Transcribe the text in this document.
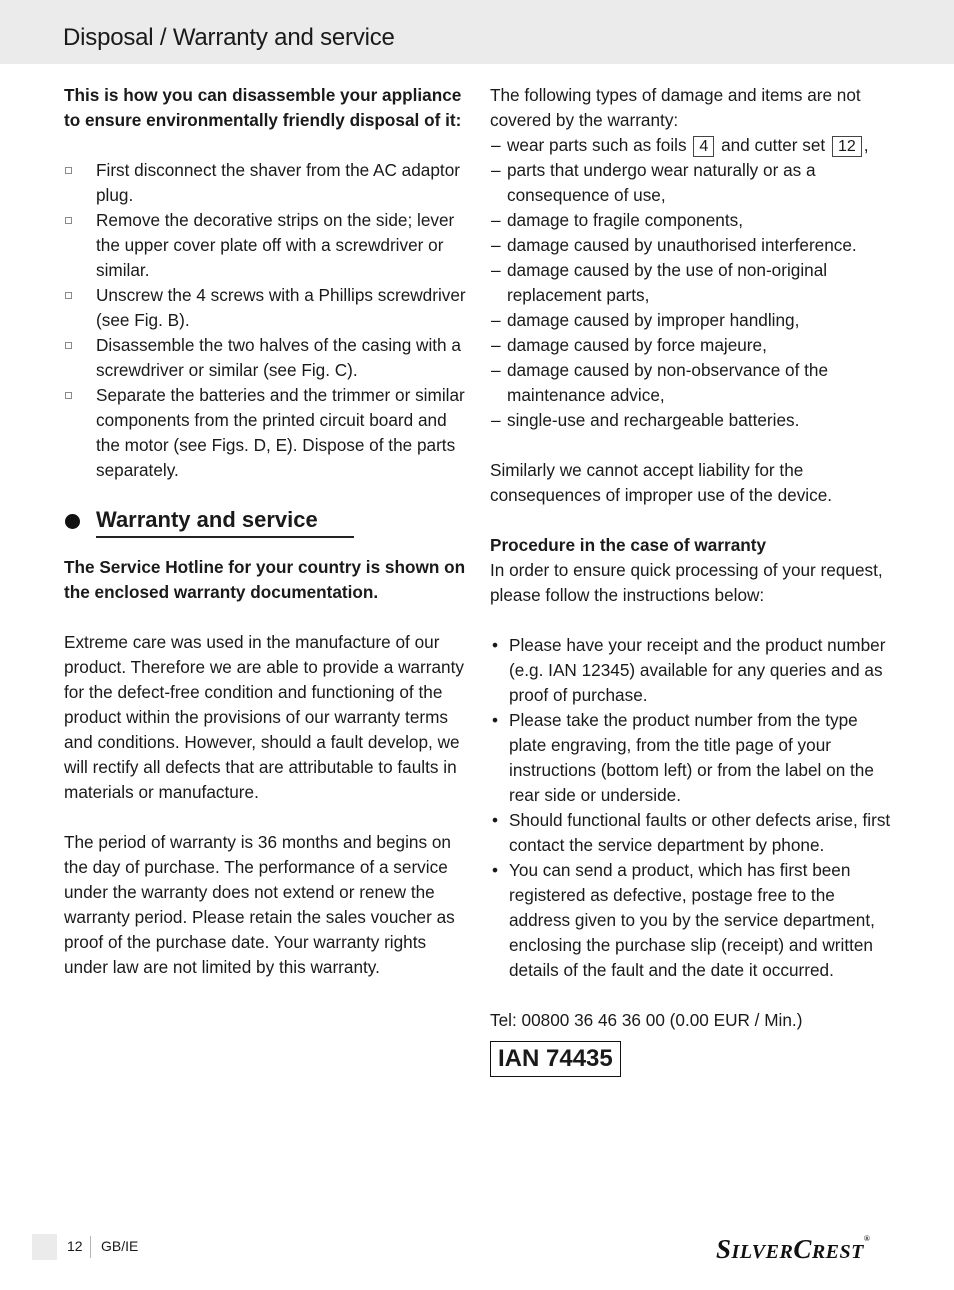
Disposal / Warranty and service
This is how you can disassemble your appliance to ensure environmentally friendly disposal of it:
First disconnect the shaver from the AC adaptor plug.
Remove the decorative strips on the side; lever the upper cover plate off with a screwdriver or similar.
Unscrew the 4 screws with a Phillips screwdriver (see Fig. B).
Disassemble the two halves of the casing with a screwdriver or similar (see Fig. C).
Separate the batteries and the trimmer or similar components from the printed circuit board and the motor (see Figs. D, E). Dispose of the parts separately.
Warranty and service
The Service Hotline for your country is shown on the enclosed warranty documentation.
Extreme care was used in the manufacture of our product. Therefore we are able to provide a warranty for the defect-free condition and functioning of the product within the provisions of our warranty terms and conditions. However, should a fault develop, we will rectify all defects that are attributable to faults in materials or manufacture.
The period of warranty is 36 months and begins on the day of purchase. The performance of a service under the warranty does not extend or renew the warranty period. Please retain the sales voucher as proof of the purchase date. Your warranty rights under law are not limited by this warranty.
The following types of damage and items are not covered by the warranty:
– wear parts such as foils 4 and cutter set 12 ,
– parts that undergo wear naturally or as a consequence of use,
– damage to fragile components,
– damage caused by unauthorised interference.
– damage caused by the use of non-original replacement parts,
– damage caused by improper handling,
– damage caused by force majeure,
– damage caused by non-observance of the maintenance advice,
– single-use and rechargeable batteries.
Similarly we cannot accept liability for the consequences of improper use of the device.
Procedure in the case of warranty
In order to ensure quick processing of your request, please follow the instructions below:
• Please have your receipt and the product number (e.g. IAN 12345) available for any queries and as proof of purchase.
• Please take the product number from the type plate engraving, from the title page of your instructions (bottom left) or from the label on the rear side or underside.
• Should functional faults or other defects arise, first contact the service department by phone.
• You can send a product, which has first been registered as defective, postage free to the address given to you by the service department, enclosing the purchase slip (receipt) and written details of the fault and the date it occurred.
Tel: 00800 36 46 36 00 (0.00 EUR / Min.)
IAN 74435
12 GB/IE	SILVERCREST®
